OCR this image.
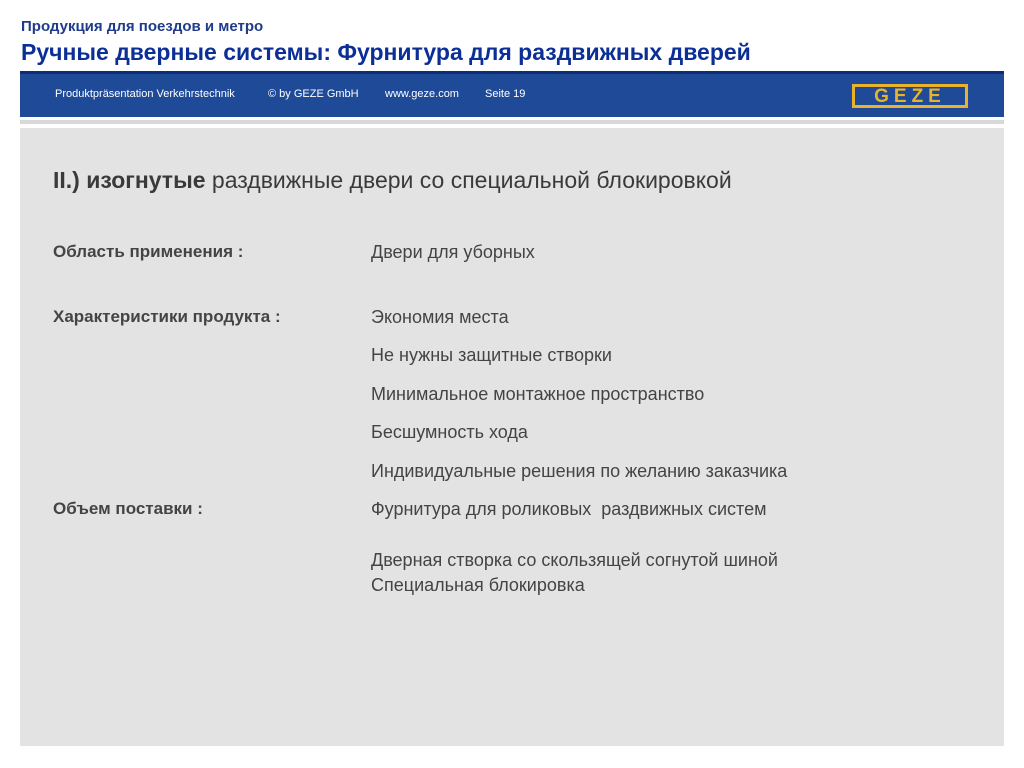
Продукция для поездов и метро
Ручные дверные системы: Фурнитура для раздвижных дверей
Produktpräsentation Verkehrstechnik	© by GEZE GmbH www.geze.com Seite 19	GEZE
II.) изогнутые раздвижные двери со специальной блокировкой
Область применения :	Двери для уборных
Характеристики продукта :	Экономия места
Не нужны защитные створки
Минимальное монтажное пространство
Бесшумность хода
Индивидуальные решения по желанию заказчика
Объем поставки :	Фурнитура для роликовых  раздвижных систем
Дверная створка со скользящей согнутой шиной
Специальная блокировка
